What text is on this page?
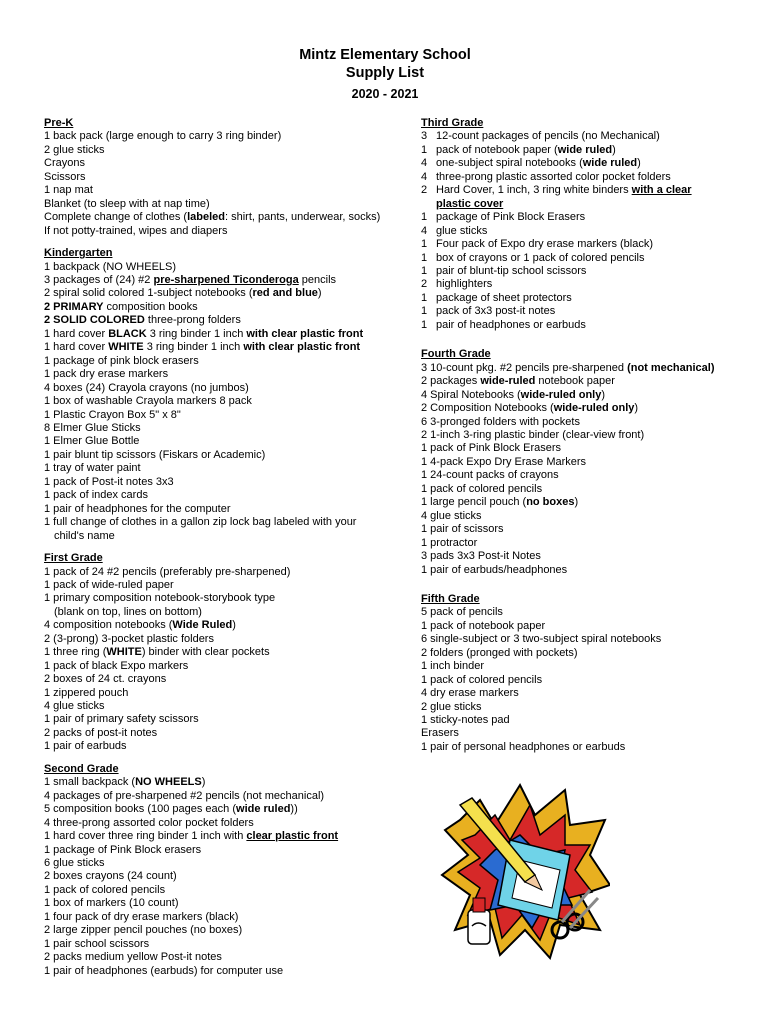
Mintz Elementary School
Supply List
2020 - 2021
Pre-K
1 back pack (large enough to carry 3 ring binder)
2 glue sticks
Crayons
Scissors
1 nap mat
Blanket (to sleep with at nap time)
Complete change of clothes (labeled: shirt, pants, underwear, socks)
If not potty-trained, wipes and diapers
Kindergarten
1 backpack (NO WHEELS)
3 packages of (24) #2 pre-sharpened Ticonderoga pencils
2 spiral solid colored 1-subject notebooks (red and blue)
2 PRIMARY composition books
2 SOLID COLORED three-prong folders
1 hard cover BLACK 3 ring binder 1 inch with clear plastic front
1 hard cover WHITE 3 ring binder 1 inch with clear plastic front
1 package of pink block erasers
1 pack dry erase markers
4 boxes (24) Crayola crayons (no jumbos)
1 box of washable Crayola markers 8 pack
1 Plastic Crayon Box 5" x 8"
8 Elmer Glue Sticks
1 Elmer Glue Bottle
1 pair blunt tip scissors (Fiskars or Academic)
1 tray of water paint
1 pack of Post-it notes 3x3
1 pack of index cards
1 pair of headphones for the computer
1 full change of clothes in a gallon zip lock bag labeled with your
child's name
First Grade
1 pack of 24 #2 pencils (preferably pre-sharpened)
1 pack of wide-ruled paper
1 primary composition notebook-storybook type
(blank on top, lines on bottom)
4 composition notebooks (Wide Ruled)
2 (3-prong) 3-pocket plastic folders
1 three ring (WHITE) binder with clear pockets
1 pack of black Expo markers
2 boxes of 24 ct. crayons
1 zippered pouch
4 glue sticks
1 pair of primary safety scissors
2 packs of post-it notes
1 pair of earbuds
Second Grade
1 small backpack (NO WHEELS)
4 packages of pre-sharpened #2 pencils (not mechanical)
5 composition books (100 pages each (wide ruled))
4 three-prong assorted color pocket folders
1 hard cover three ring binder 1 inch with clear plastic front
1 package of Pink Block erasers
6 glue sticks
2 boxes crayons (24 count)
1 pack of colored pencils
1 box of markers (10 count)
1 four pack of dry erase markers (black)
2 large zipper pencil pouches (no boxes)
1 pair school scissors
2 packs medium yellow Post-it notes
1 pair of headphones (earbuds) for computer use
Third Grade
3 12-count packages of pencils (no Mechanical)
1 pack of notebook paper (wide ruled)
4 one-subject spiral notebooks (wide ruled)
4 three-prong plastic assorted color pocket folders
2 Hard Cover, 1 inch, 3 ring white binders with a clear
plastic cover
1 package of Pink Block Erasers
4 glue sticks
1 Four pack of Expo dry erase markers (black)
1 box of crayons or 1 pack of colored pencils
1 pair of blunt-tip school scissors
2 highlighters
1 package of sheet protectors
1 pack of 3x3 post-it notes
1 pair of headphones or earbuds
Fourth Grade
3 10-count pkg. #2 pencils pre-sharpened (not mechanical)
2 packages wide-ruled notebook paper
4 Spiral Notebooks (wide-ruled only)
2 Composition Notebooks (wide-ruled only)
6 3-pronged folders with pockets
2 1-inch 3-ring plastic binder (clear-view front)
1 pack of Pink Block Erasers
1 4-pack Expo Dry Erase Markers
1 24-count packs of crayons
1 pack of colored pencils
1 large pencil pouch (no boxes)
4 glue sticks
1 pair of scissors
1 protractor
3 pads 3x3 Post-it Notes
1 pair of earbuds/headphones
Fifth Grade
5 pack of pencils
1 pack of notebook paper
6 single-subject or 3 two-subject spiral notebooks
2 folders (pronged with pockets)
1 inch binder
1 pack of colored pencils
4 dry erase markers
2 glue sticks
1 sticky-notes pad
Erasers
1 pair of personal headphones or earbuds
